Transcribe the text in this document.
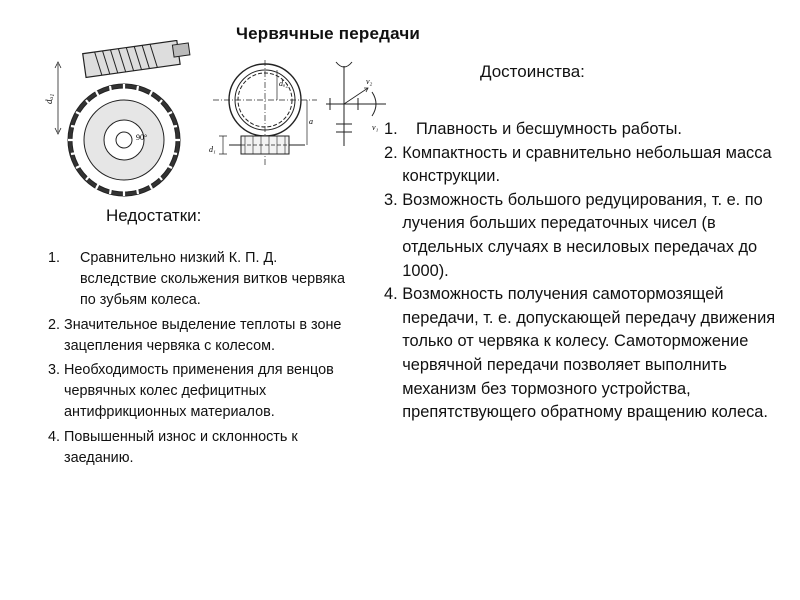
Червячные передачи
dₐ₁
90°
d₁
dₐ₂
a
v₁
v₂
Достоинства:
1.	Плавность и бесшумность работы.
2. Компактность и сравнительно небольшая масса конструкции.
3. Возможность большого редуцирования, т. е. по лучения больших передаточных чисел (в отдельных случаях в несиловых передачах до 1000).
4. Возможность получения самотормозящей передачи, т. е. допускающей передачу движения только от червяка к колесу. Самоторможение червячной передачи позволяет выполнить механизм без тормозного устройства, препятствующего обратному вращению колеса.
Недостатки:
1.	Сравнительно низкий К. П. Д. вследствие скольжения витков червяка по зубьям колеса.
2. Значительное выделение теплоты в зоне зацепления червяка с колесом.
3. Необходимость применения для венцов червячных колес дефицитных антифрикционных материалов.
4. Повышенный износ и склонность к заеданию.
